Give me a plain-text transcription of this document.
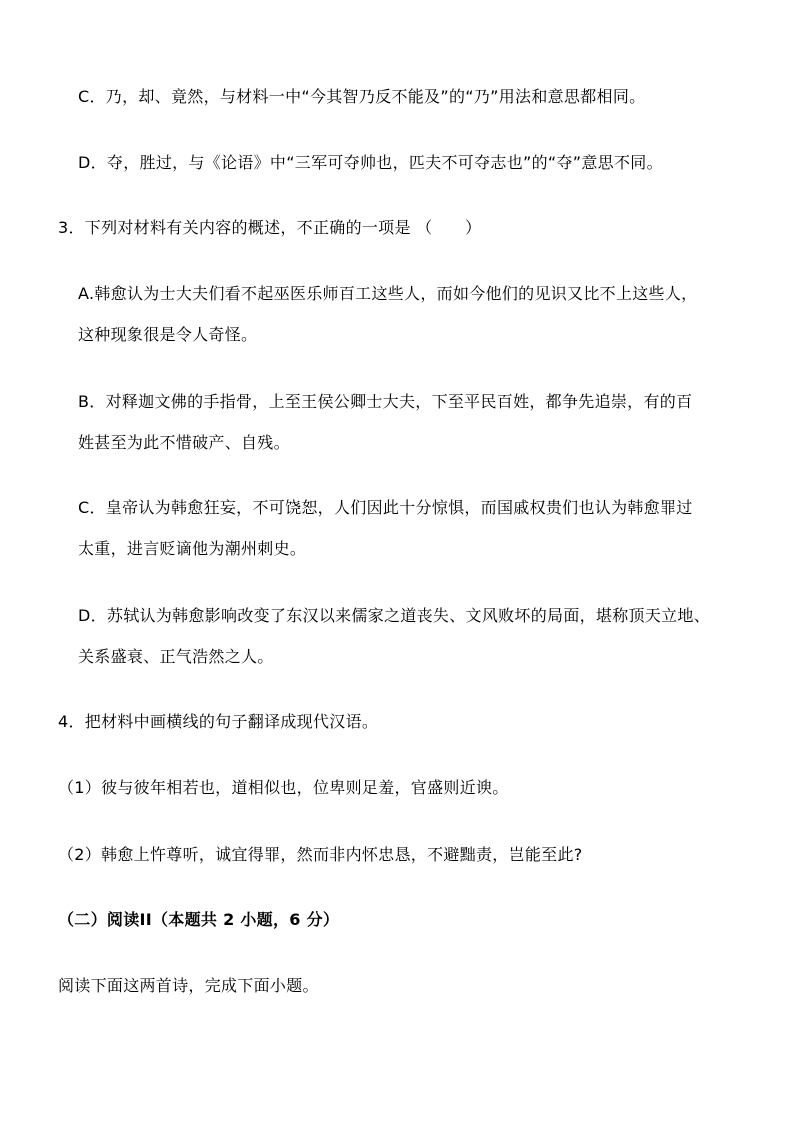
C．乃，却、竟然，与材料一中“今其智乃反不能及”的“乃”用法和意思都相同。
D．夺，胜过，与《论语》中“三军可夺帅也，匹夫不可夺志也”的“夺”意思不同。
3．下列对材料有关内容的概述，不正确的一项是 （　　）
A.韩愈认为士大夫们看不起巫医乐师百工这些人，而如今他们的见识又比不上这些人，
这种现象很是令人奇怪。
B．对释迦文佛的手指骨，上至王侯公卿士大夫，下至平民百姓，都争先追崇，有的百
姓甚至为此不惜破产、自残。
C．皇帝认为韩愈狂妄，不可饶恕，人们因此十分惊惧，而国戚权贵们也认为韩愈罪过
太重，进言贬谪他为潮州刺史。
D．苏轼认为韩愈影响改变了东汉以来儒家之道丧失、文风败坏的局面，堪称顶天立地、
关系盛衰、正气浩然之人。
4．把材料中画横线的句子翻译成现代汉语。
（1）彼与彼年相若也，道相似也，位卑则足羞，官盛则近谀。
（2）韩愈上忤尊听，诚宜得罪，然而非内怀忠恳，不避黜责，岂能至此?
（二）阅读II（本题共 2 小题，6 分）
阅读下面这两首诗，完成下面小题。
